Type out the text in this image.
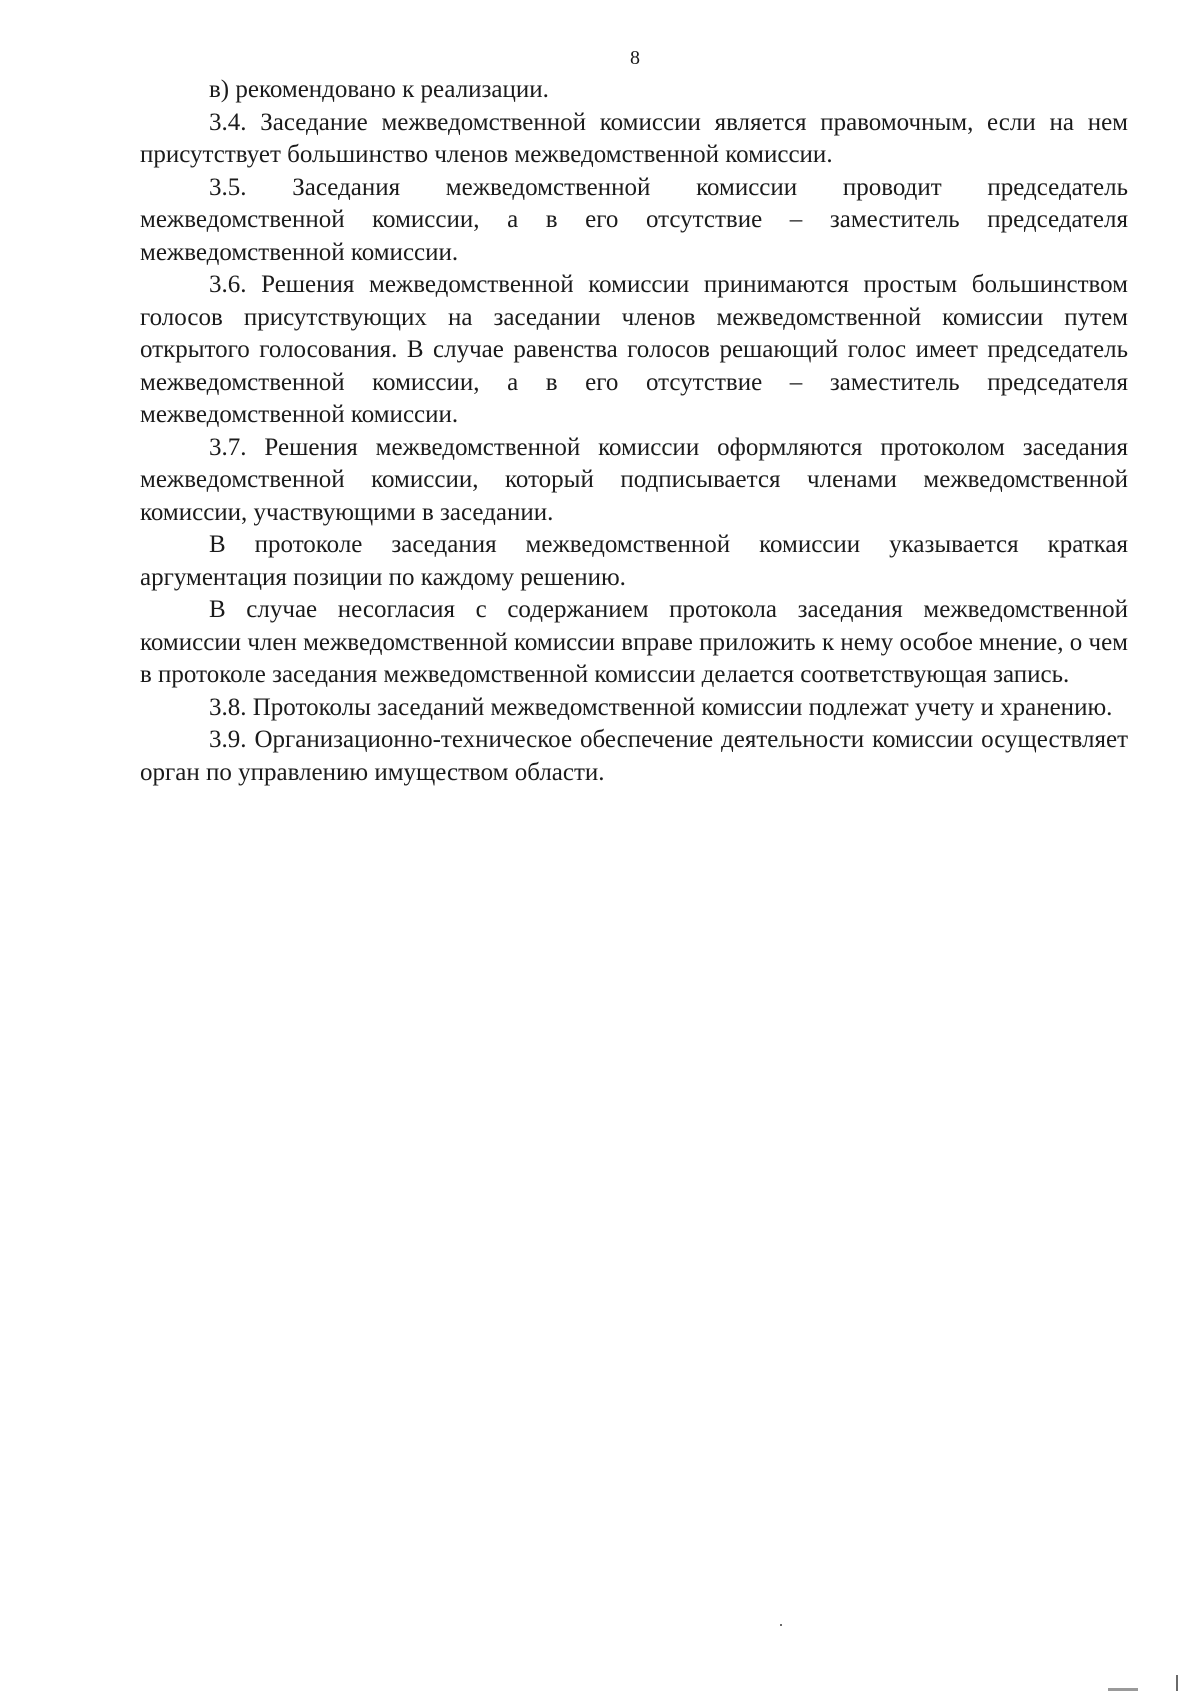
8

в) рекомендовано к реализации.

3.4. Заседание межведомственной комиссии является правомочным, если на нем присутствует большинство членов межведомственной комиссии.

3.5. Заседания межведомственной комиссии проводит председатель межведомственной комиссии, а в его отсутствие – заместитель председателя межведомственной комиссии.

3.6. Решения межведомственной комиссии принимаются простым большинством голосов присутствующих на заседании членов межведомственной комиссии путем открытого голосования. В случае равенства голосов решающий голос имеет председатель межведомственной комиссии, а в его отсутствие – заместитель председателя межведомственной комиссии.

3.7. Решения межведомственной комиссии оформляются протоколом заседания межведомственной комиссии, который подписывается членами межведомственной комиссии, участвующими в заседании.

В протоколе заседания межведомственной комиссии указывается краткая аргументация позиции по каждому решению.

В случае несогласия с содержанием протокола заседания межведомственной комиссии член межведомственной комиссии вправе приложить к нему особое мнение, о чем в протоколе заседания межведомственной комиссии делается соответствующая запись.

3.8. Протоколы заседаний межведомственной комиссии подлежат учету и хранению.

3.9. Организационно-техническое обеспечение деятельности комиссии осуществляет орган по управлению имуществом области.
